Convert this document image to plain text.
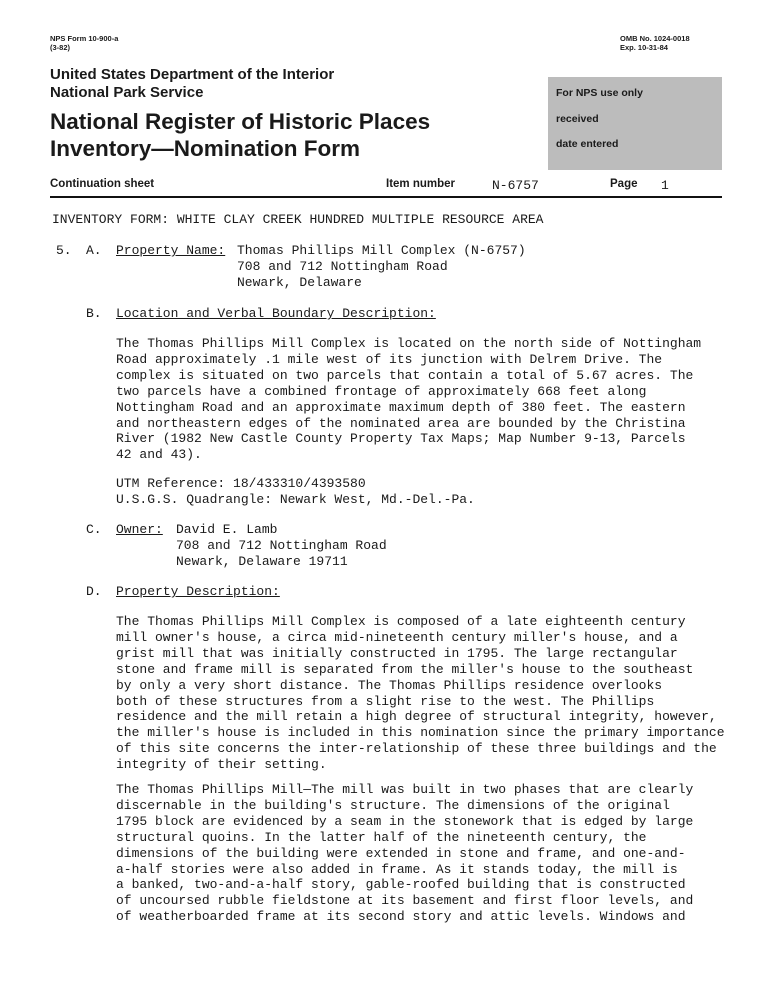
NPS Form 10-900-a
(3-82)
OMB No. 1024-0018
Exp. 10-31-84
United States Department of the Interior
National Park Service
National Register of Historic Places
Inventory—Nomination Form
For NPS use only
received
date entered
Continuation sheet	Item number	N-6757	Page 1
INVENTORY FORM: WHITE CLAY CREEK HUNDRED MULTIPLE RESOURCE AREA
5. A. Property Name: Thomas Phillips Mill Complex (N-6757)
708 and 712 Nottingham Road
Newark, Delaware
B. Location and Verbal Boundary Description:
The Thomas Phillips Mill Complex is located on the north side of Nottingham
Road approximately .1 mile west of its junction with Delrem Drive. The
complex is situated on two parcels that contain a total of 5.67 acres. The
two parcels have a combined frontage of approximately 668 feet along
Nottingham Road and an approximate maximum depth of 380 feet. The eastern
and northeastern edges of the nominated area are bounded by the Christina
River (1982 New Castle County Property Tax Maps; Map Number 9-13, Parcels
42 and 43).
UTM Reference: 18/433310/4393580
U.S.G.S. Quadrangle: Newark West, Md.-Del.-Pa.
C. Owner: David E. Lamb
708 and 712 Nottingham Road
Newark, Delaware 19711
D. Property Description:
The Thomas Phillips Mill Complex is composed of a late eighteenth century
mill owner's house, a circa mid-nineteenth century miller's house, and a
grist mill that was initially constructed in 1795. The large rectangular
stone and frame mill is separated from the miller's house to the southeast
by only a very short distance. The Thomas Phillips residence overlooks
both of these structures from a slight rise to the west. The Phillips
residence and the mill retain a high degree of structural integrity, however,
the miller's house is included in this nomination since the primary importance
of this site concerns the inter-relationship of these three buildings and the
integrity of their setting.
The Thomas Phillips Mill—The mill was built in two phases that are clearly
discernable in the building's structure. The dimensions of the original
1795 block are evidenced by a seam in the stonework that is edged by large
structural quoins. In the latter half of the nineteenth century, the
dimensions of the building were extended in stone and frame, and one-and-
a-half stories were also added in frame. As it stands today, the mill is
a banked, two-and-a-half story, gable-roofed building that is constructed
of uncoursed rubble fieldstone at its basement and first floor levels, and
of weatherboarded frame at its second story and attic levels. Windows and
